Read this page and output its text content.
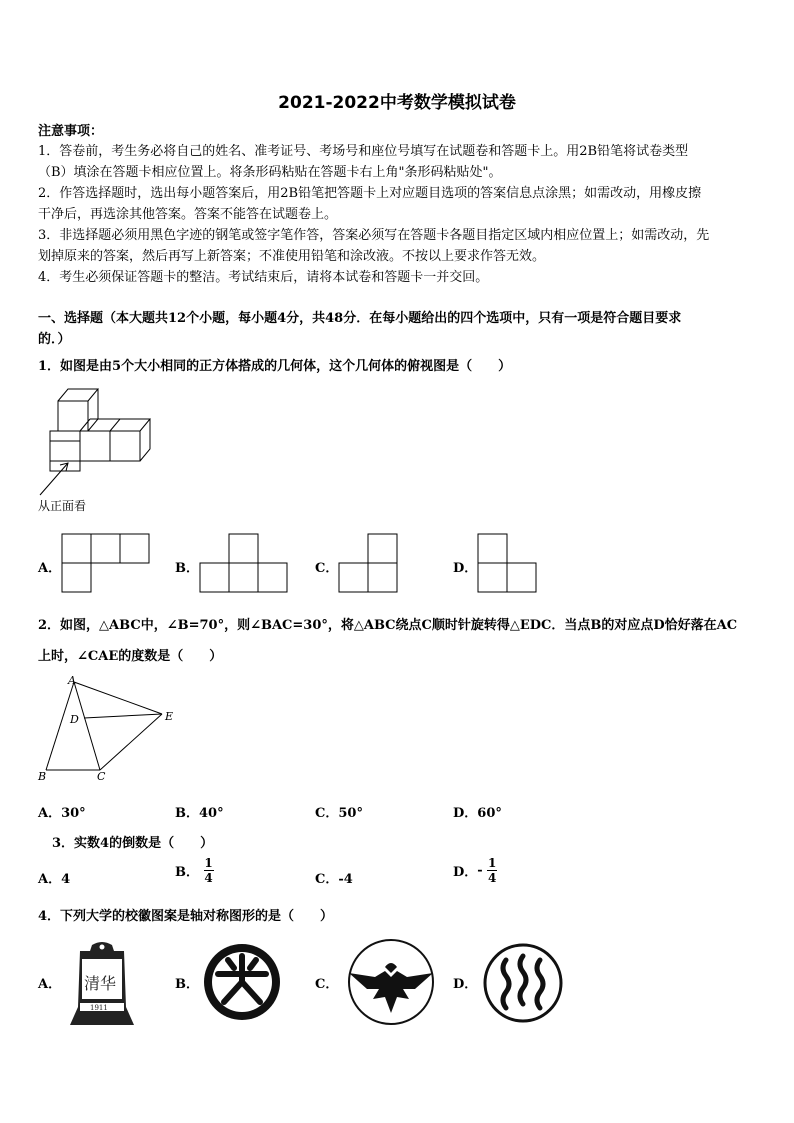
2021-2022中考数学模拟试卷
注意事项：
1．答卷前，考生务必将自己的姓名、准考证号、考场号和座位号填写在试题卷和答题卡上。用2B铅笔将试卷类型
（B）填涂在答题卡相应位置上。将条形码粘贴在答题卡右上角"条形码粘贴处"。
2．作答选择题时，选出每小题答案后，用2B铅笔把答题卡上对应题目选项的答案信息点涂黑；如需改动，用橡皮擦
干净后，再选涂其他答案。答案不能答在试题卷上。
3．非选择题必须用黑色字迹的钢笔或签字笔作答，答案必须写在答题卡各题目指定区域内相应位置上；如需改动，先
划掉原来的答案，然后再写上新答案；不准使用铅笔和涂改液。不按以上要求作答无效。
4．考生必须保证答题卡的整洁。考试结束后，请将本试卷和答题卡一并交回。
一、选择题（本大题共12个小题，每小题4分，共48分．在每小题给出的四个选项中，只有一项是符合题目要求
的．）
1．如图是由5个大小相同的正方体搭成的几何体，这个几何体的俯视图是（　　）
从正面看
A．	B．	C．	D．
2．如图，△ABC中，∠B=70°，则∠BAC=30°，将△ABC绕点C顺时针旋转得△EDC．当点B的对应点D恰好落在AC
上时，∠CAE的度数是（　　）
A
D	E
B	C
A．30°	B．40°	C．50°	D．60°
3．实数4的倒数是（　　）
A．4	B． $\frac{1}{4}$	C．-4	D．- $\frac{1}{4}$
4．下列大学的校徽图案是轴对称图形的是（　　）
A． 清华
1911
B．	C．	D．
